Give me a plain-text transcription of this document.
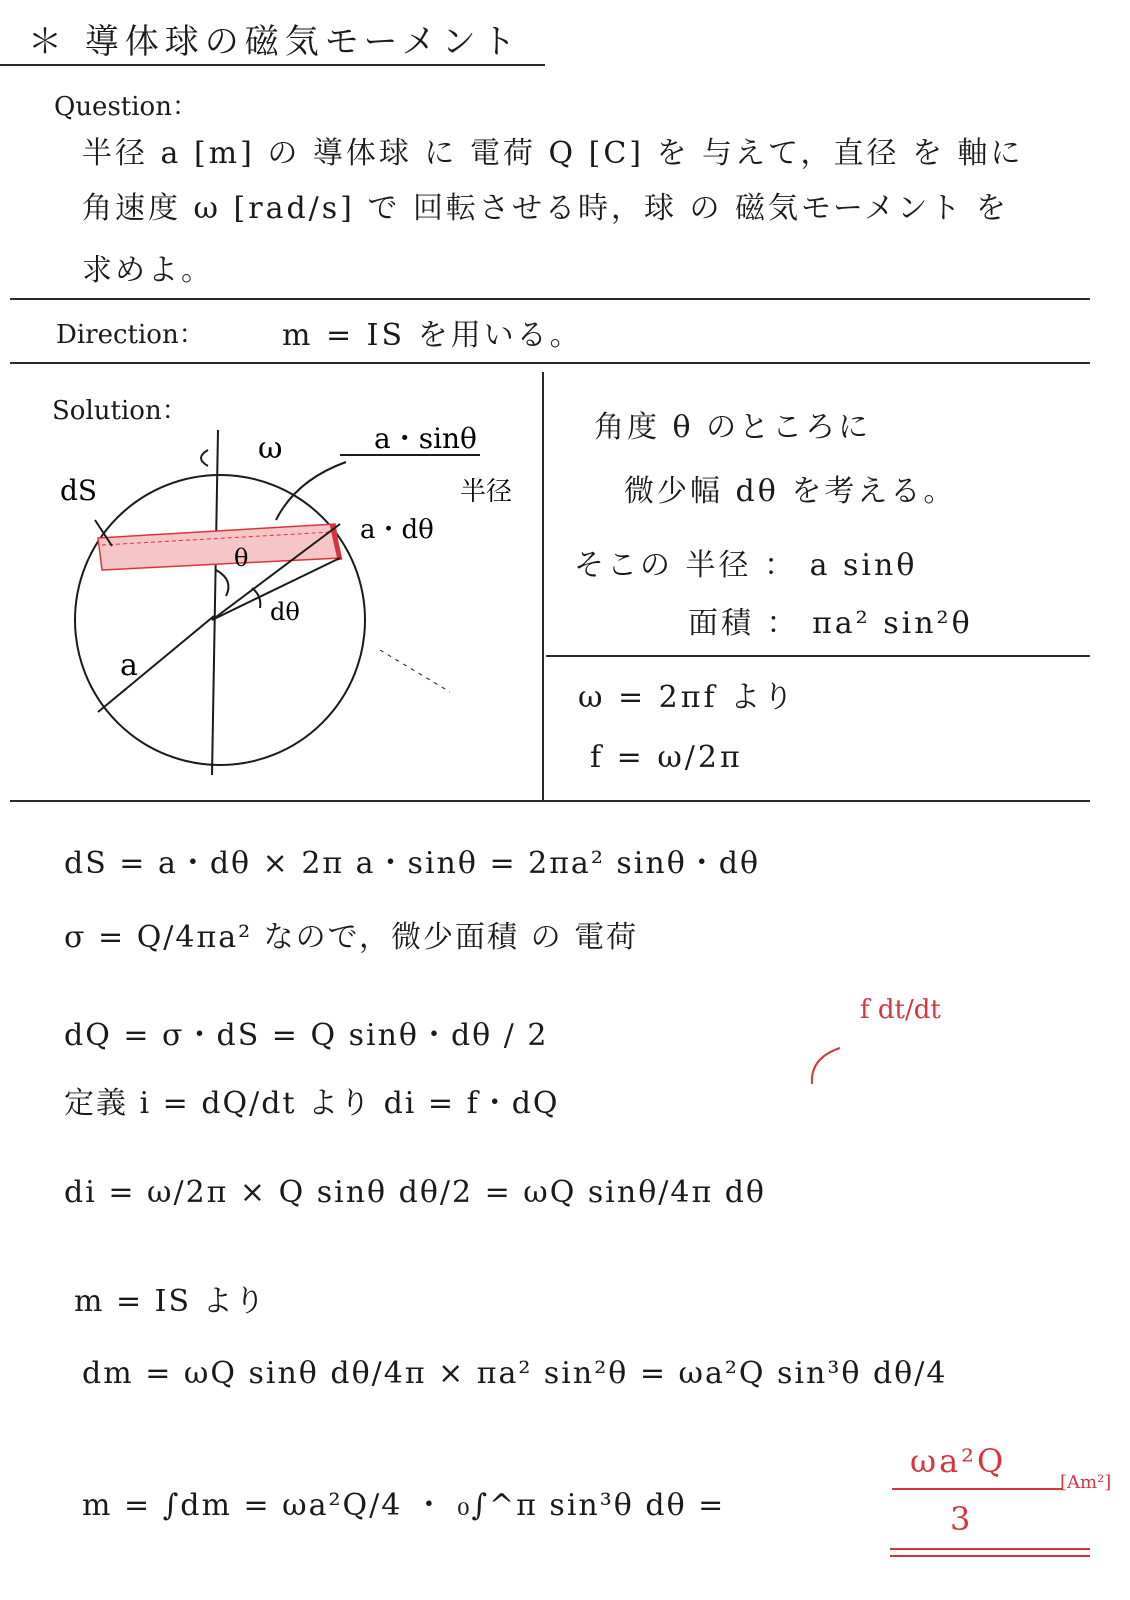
＊ 導体球の磁気モーメント
Question：
半径 a [m] の 導体球 に 電荷 Q [C] を 与えて，直径 を 軸に
角速度 ω [rad/s] で 回転させる時，球 の 磁気モーメント を
求めよ。
Direction：	m = IS を用いる。
Solution：
ω
dS
a・sinθ
半径
a・dθ
θ
dθ
a
角度 θ のところに
微少幅 dθ を考える。
そこの 半径 ： a sinθ
面積 ： πa² sin²θ
ω = 2πf より
f = ω/2π
dS = a・dθ × 2π a・sinθ = 2πa² sinθ・dθ
σ = Q/4πa² なので，微少面積 の 電荷
dQ = σ・dS = Q sinθ・dθ / 2
f dt/dt
定義 i = dQ/dt より di = f・dQ
di = ω/2π × Q sinθ dθ/2 = ωQ sinθ/4π dθ
m = IS より
dm = ωQ sinθ dθ/4π × πa² sin²θ = ωa²Q sin³θ dθ/4
m = ∫dm = ωa²Q/4 ・ ₀∫^π sin³θ dθ =
ωa²Q
3
[Am²]
